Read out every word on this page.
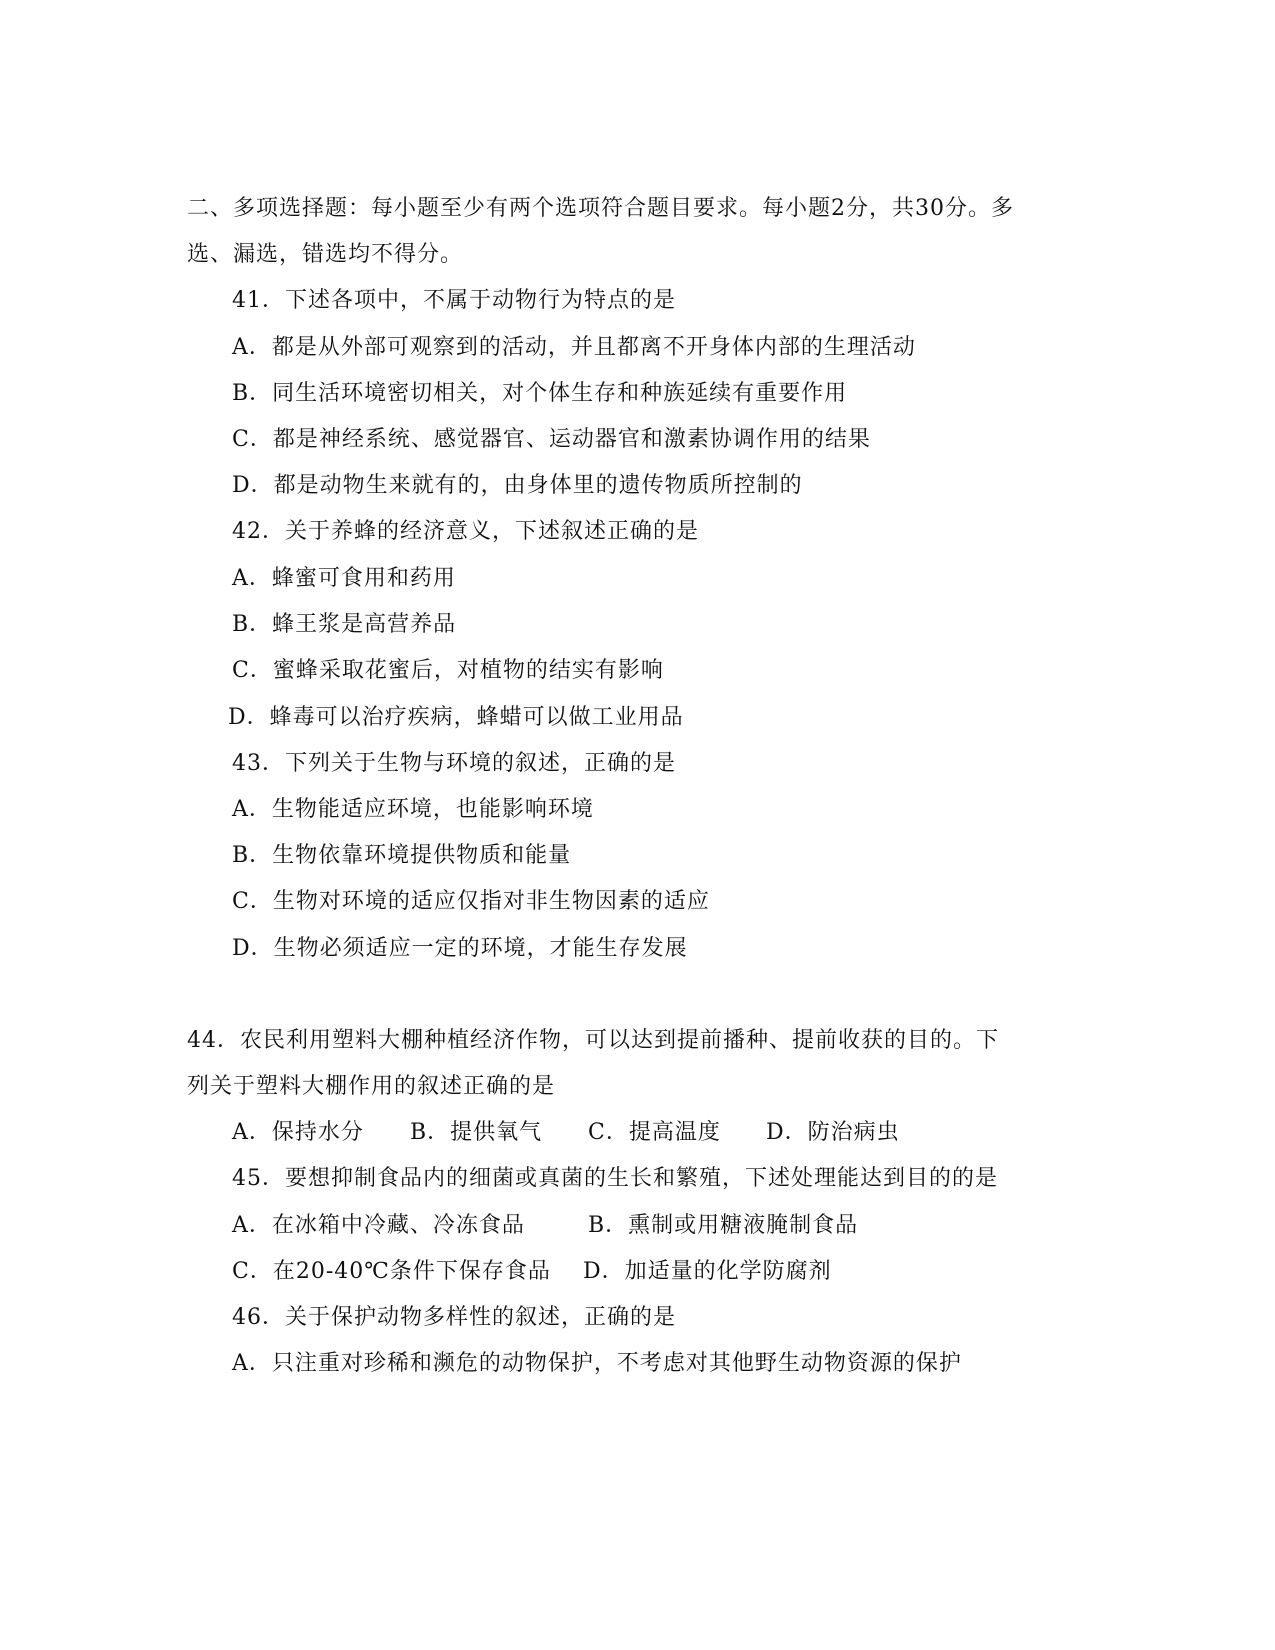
二、多项选择题：每小题至少有两个选项符合题目要求。每小题2分，共30分。多
选、漏选，错选均不得分。
41．下述各项中，不属于动物行为特点的是
A．都是从外部可观察到的活动，并且都离不开身体内部的生理活动
B．同生活环境密切相关，对个体生存和种族延续有重要作用
C．都是神经系统、感觉器官、运动器官和激素协调作用的结果
D．都是动物生来就有的，由身体里的遗传物质所控制的
42．关于养蜂的经济意义，下述叙述正确的是
A．蜂蜜可食用和药用
B．蜂王浆是高营养品
C．蜜蜂采取花蜜后，对植物的结实有影响
D．蜂毒可以治疗疾病，蜂蜡可以做工业用品
43．下列关于生物与环境的叙述，正确的是
A．生物能适应环境，也能影响环境
B．生物依靠环境提供物质和能量
C．生物对环境的适应仅指对非生物因素的适应
D．生物必须适应一定的环境，才能生存发展
44．农民利用塑料大棚种植经济作物，可以达到提前播种、提前收获的目的。下
列关于塑料大棚作用的叙述正确的是
A．保持水分 B．提供氧气 C．提高温度 D．防治病虫
45．要想抑制食品内的细菌或真菌的生长和繁殖，下述处理能达到目的的是
A．在冰箱中冷藏、冷冻食品	B．熏制或用糖液腌制食品
C．在20-40℃条件下保存食品 D．加适量的化学防腐剂
46．关于保护动物多样性的叙述，正确的是
A．只注重对珍稀和濒危的动物保护，不考虑对其他野生动物资源的保护
